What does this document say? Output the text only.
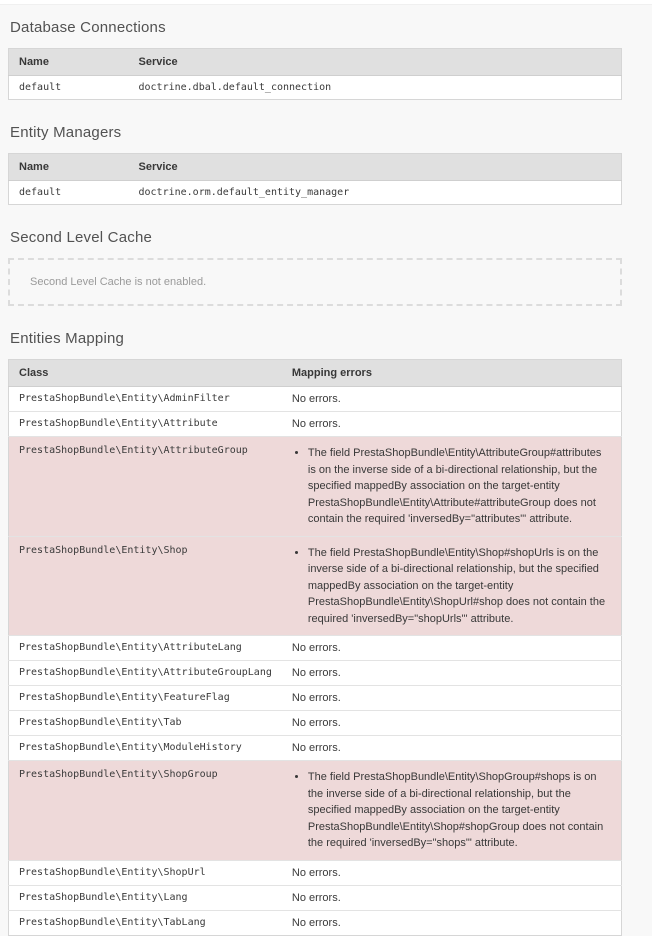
Database Connections
Name	Service
default	doctrine.dbal.default_connection
Entity Managers
Name	Service
default	doctrine.orm.default_entity_manager
Second Level Cache
Second Level Cache is not enabled.
Entities Mapping
Class	Mapping errors
PrestaShopBundle\Entity\AdminFilter	No errors.
PrestaShopBundle\Entity\Attribute	No errors.
PrestaShopBundle\Entity\AttributeGroup	
•The field PrestaShopBundle\Entity\AttributeGroup#attributes is on the inverse side of a bi-directional relationship, but the specified mappedBy association on the target-entity PrestaShopBundle\Entity\Attribute#attributeGroup does not contain the required 'inversedBy="attributes"' attribute.

PrestaShopBundle\Entity\Shop	
•The field PrestaShopBundle\Entity\Shop#shopUrls is on the inverse side of a bi-directional relationship, but the specified mappedBy association on the target-entity PrestaShopBundle\Entity\ShopUrl#shop does not contain the required 'inversedBy="shopUrls"' attribute.

PrestaShopBundle\Entity\AttributeLang	No errors.
PrestaShopBundle\Entity\AttributeGroupLang	No errors.
PrestaShopBundle\Entity\FeatureFlag	No errors.
PrestaShopBundle\Entity\Tab	No errors.
PrestaShopBundle\Entity\ModuleHistory	No errors.
PrestaShopBundle\Entity\ShopGroup	
•The field PrestaShopBundle\Entity\ShopGroup#shops is on the inverse side of a bi-directional relationship, but the specified mappedBy association on the target-entity PrestaShopBundle\Entity\Shop#shopGroup does not contain the required 'inversedBy="shops"' attribute.

PrestaShopBundle\Entity\ShopUrl	No errors.
PrestaShopBundle\Entity\Lang	No errors.
PrestaShopBundle\Entity\TabLang	No errors.
